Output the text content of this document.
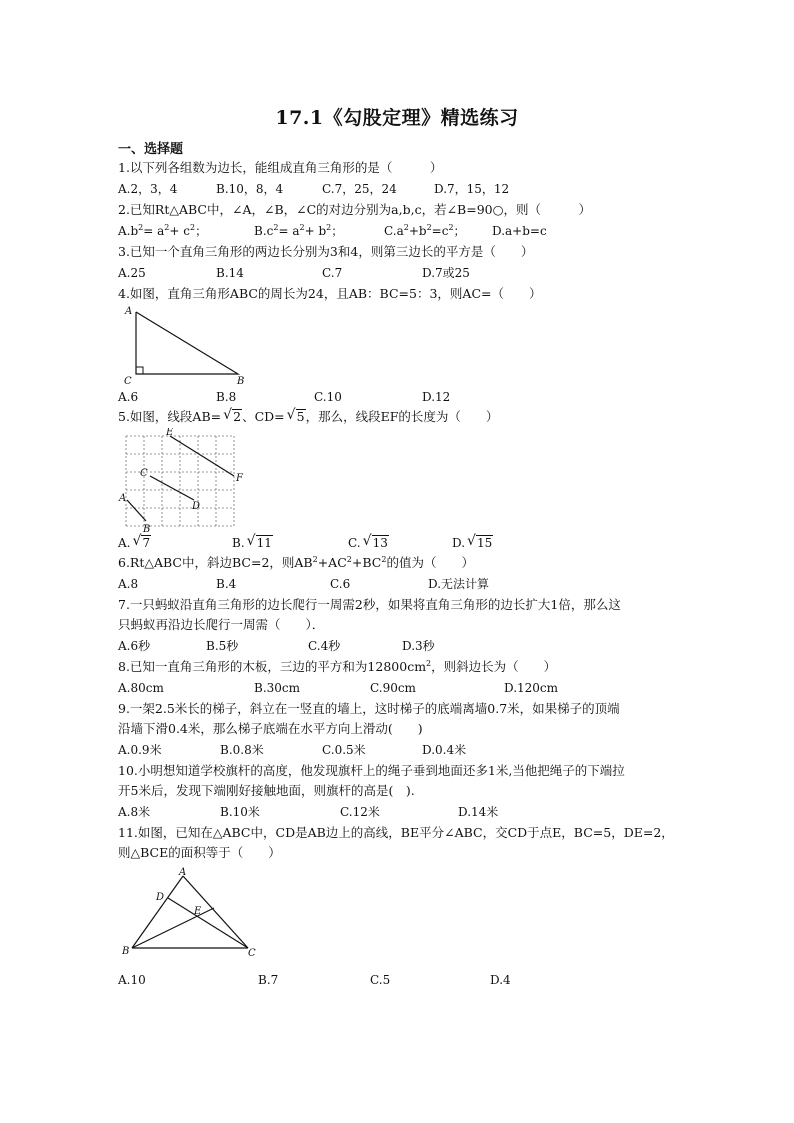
17.1《勾股定理》精选练习
一、选择题
1.以下列各组数为边长，能组成直角三角形的是（　　　）
A.2，3，4	B.10，8，4	C.7，25，24	D.7，15，12
2.已知Rt△ABC中，∠A，∠B，∠C的对边分别为a,b,c，若∠B=90○，则（　　　）
$A.b^2= a^2+ c^2$；	$B.c^2= a^2+ b^2$；	$C.a^2+b^2=c^2$； D.a+b=c
3.已知一个直角三角形的两边长分别为3和4，则第三边长的平方是（　　）
A.25	B.14	C.7	D.7或25
4.如图，直角三角形ABC的周长为24，且AB：BC=5：3，则AC=（　　）
A
C	B
A.6	B.8	C.10	D.12
5.如图，线段AB= √ 2、CD= √ 5，那么，线段EF的长度为（　　）
E
F
C
D
A
B
A. √ 7	B. √ 11	C. √ 13	D. √ 15
6.Rt△ABC中，斜边BC=2，则$AB^2+AC^2+BC^2$的值为（　　）
A.8	B.4	C.6	D.无法计算
7.一只蚂蚁沿直角三角形的边长爬行一周需2秒，如果将直角三角形的边长扩大1倍，那么这
只蚂蚁再沿边长爬行一周需（　　）．
A.6秒	B.5秒	C.4秒	D.3秒
8.已知一直角三角形的木板，三边的平方和为$12800cm^2$，则斜边长为（　　）
A.80cm	B.30cm	C.90cm	D.120cm
9.一架2.5米长的梯子，斜立在一竖直的墙上，这时梯子的底端离墙0.7米，如果梯子的顶端
沿墙下滑0.4米，那么梯子底端在水平方向上滑动(　　)
A.0.9米	B.0.8米	C.0.5米	D.0.4米
10.小明想知道学校旗杆的高度，他发现旗杆上的绳子垂到地面还多1米,当他把绳子的下端拉
开5米后，发现下端刚好接触地面，则旗杆的高是(　).
A.8米	B.10米	C.12米	D.14米
11.如图，已知在△ABC中，CD是AB边上的高线，BE平分∠ABC，交CD于点E，BC=5，DE=2，
则△BCE的面积等于（　　）
A
D
E
B	C
A.10	B.7	C.5	D.4
